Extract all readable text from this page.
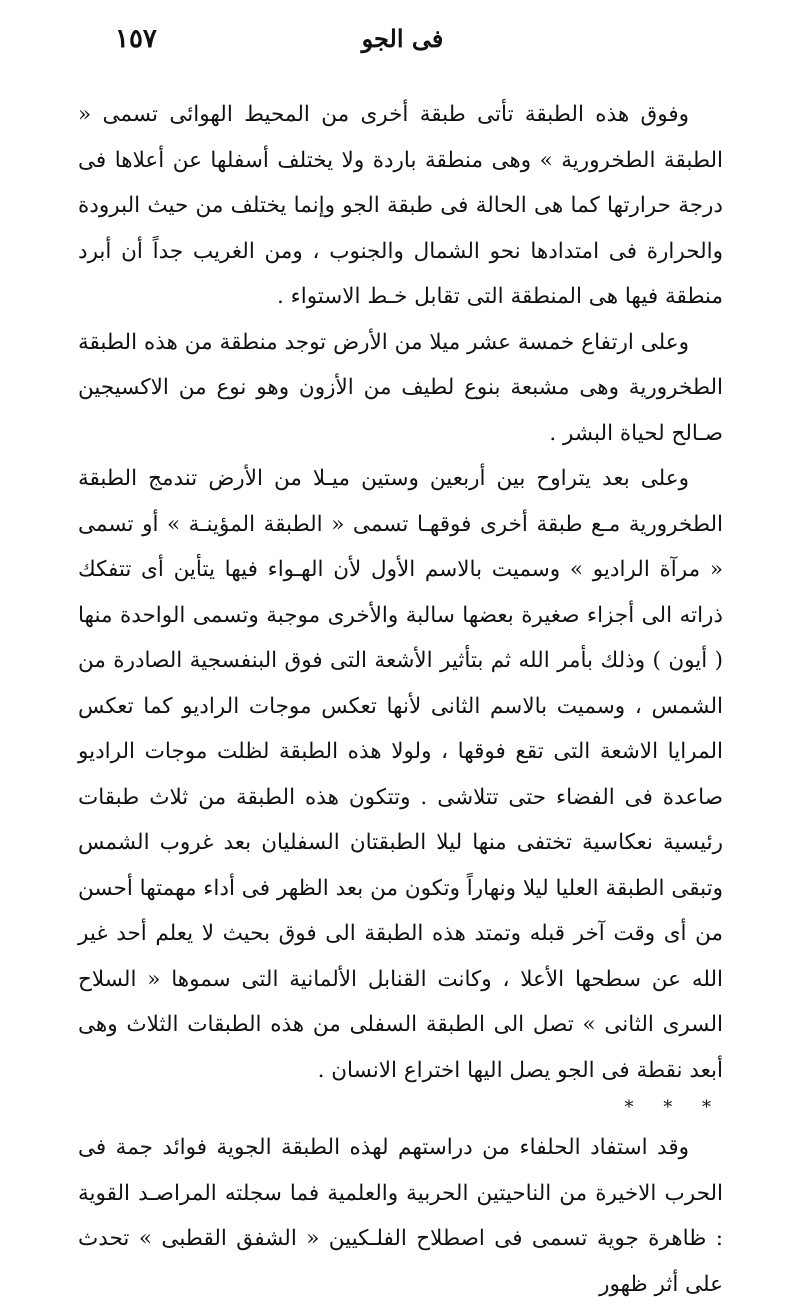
فى الجو
١٥٧

وفوق هذه الطبقة تأتى طبقة أخرى من المحيط الهوائى تسمى « الطبقة الطخرورية » وهى منطقة باردة ولا يختلف أسفلها عن أعلاها فى درجة حرارتها كما هى الحالة فى طبقة الجو وإنما يختلف من حيث البرودة والحرارة فى امتدادها نحو الشمال والجنوب ، ومن الغريب جداً أن أبرد منطقة فيها هى المنطقة التى تقابل خـط الاستواء .

وعلى ارتفاع خمسة عشر ميلا من الأرض توجد منطقة من هذه الطبقة الطخرورية وهى مشبعة بنوع لطيف من الأزون وهو نوع من الاكسيجين صـالح لحياة البشر .

وعلى بعد يتراوح بين أربعين وستين ميـلا من الأرض تندمج الطبقة الطخرورية مـع طبقة أخرى فوقهـا تسمى « الطبقة المؤينـة » أو تسمى « مرآة الراديو » وسميت بالاسم الأول لأن الهـواء فيها يتأين أى تتفكك ذراته الى أجزاء صغيرة بعضها سالبة والأخرى موجبة وتسمى الواحدة منها ( أيون ) وذلك بأمر الله ثم بتأثير الأشعة التى فوق البنفسجية الصادرة من الشمس ، وسميت بالاسم الثانى لأنها تعكس موجات الراديو كما تعكس المرايا الاشعة التى تقع فوقها ، ولولا هذه الطبقة لظلت موجات الراديو صاعدة فى الفضاء حتى تتلاشى . وتتكون هذه الطبقة من ثلاث طبقات رئيسية نعكاسية تختفى منها ليلا الطبقتان السفليان بعد غروب الشمس وتبقى الطبقة العليا ليلا ونهاراً وتكون من بعد الظهر فى أداء مهمتها أحسن من أى وقت آخر قبله وتمتد هذه الطبقة الى فوق بحيث لا يعلم أحد غير الله عن سطحها الأعلا ، وكانت القنابل الألمانية التى سموها « السلاح السرى الثانى » تصل الى الطبقة السفلى من هذه الطبقات الثلاث وهى أبعد نقطة فى الجو يصل اليها اختراع الانسان .

* * *

وقد استفاد الحلفاء من دراستهم لهذه الطبقة الجوية فوائد جمة فى الحرب الاخيرة من الناحيتين الحربية والعلمية فما سجلته المراصـد القوية : ظاهرة جوية تسمى فى اصطلاح الفلـكيين « الشفق القطبى » تحدث على أثر ظهور
